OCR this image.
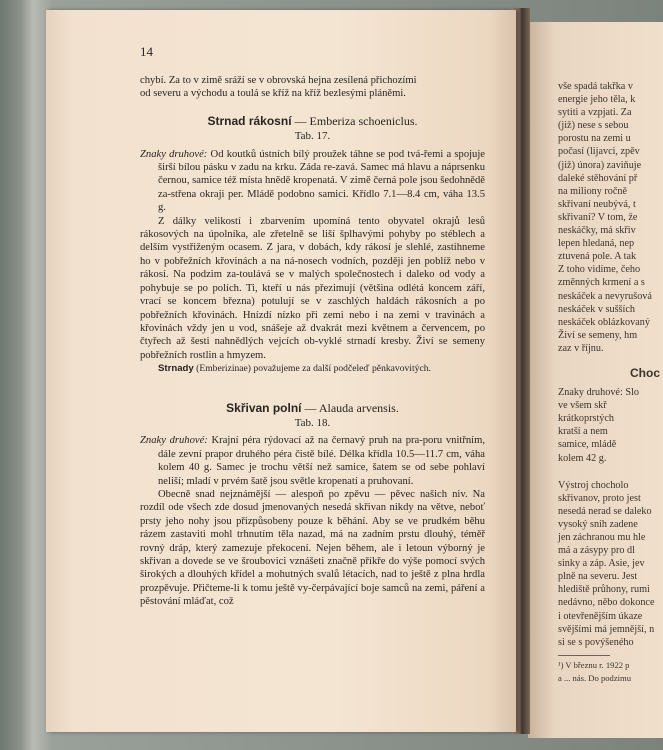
vše spadá takřka v
energie jeho těla, k
sytiti a vzpjati. Za
(již) nese s sebou
porostu na zemi u
počasí (lijavci, zpěv
(již) února) zaviňuje
daleké stěhování př
na miliony ročně
skřivaní neubývá, t
skřivaní? V tom, že
neskáčky, má skřiv
lepen hledaná, nep
ztuvená pole. A tak
Z toho vidíme, čeho
změnných krmení a s
neskáček a nevyrušová
neskáček v sušších
neskáček oblázkovaný
Živí se semeny, hm
zaz v říjnu.
Choc
Znaky druhové: Slo
ve všem skř
krátkoprstých
kratší a nem
samice, mládě
kolem 42 g.
Výstroj chocholo
skřivanov, proto jest
nesedá nerad se daleko
vysoký sníh zadene
jen záchranou mu hle
má a zásypy pro dl
sinky a záp. Asie, jev
plně na severu. Jest
hlediště průhony, rumi
nedávno, něbo dokonce
i otevřenějším úkaze
svějšími má jemnější, n
si se s povýšeného
¹) V březnu r. 1922 p
a ... nás. Do podzimu
14

chybí. Za to v zimě sráží se v obrovská hejna zesílená přichozími

od severu a východu a toulá se kříž na kříž bezlesými pláněmi.

Strnad rákosní — Emberiza schoeniclus.
Tab. 17.

Znaky druhové: Od koutků ústních bílý proužek táhne se pod tvá-řemi a spojuje širší bílou pásku v zadu na krku. Záda re-zavá. Samec má hlavu a náprsenku černou, samice též místa hnědě kropenatá. V zimě černá pole jsou šedohnědě za-střena okraji per. Mládě podobno samici. Křídlo 7.1—8.4 cm, váha 13.5 g.

Z dálky velikostí i zbarvením upomíná tento obyvatel okrajů lesů rákosových na úpolníka, ale zřetelně se liší šplhavými pohyby po stéblech a delším vystřiženým ocasem. Z jara, v dobách, kdy rákosí je slehlé, zastihneme ho v pobřežních křovinách a na ná-nosech vodních, později jen poblíž nebo v rákosí. Na podzim za-toulává se v malých společnostech i daleko od vody a pohybuje se po polích. Ti, kteří u nás přezimují (většina odlétá koncem září, vrací se koncem března) potulují se v zaschlých haldách rákosních a po pobřežních křovinách. Hnízdí nízko při zemi nebo i na zemi v travinách a křovinách vždy jen u vod, snášeje až dvakrát mezi květnem a červencem, po čtyřech až šesti nahnědlých vejcích ob-vyklé strnadí kresby. Živí se semeny pobřežních rostlin a hmyzem.

Strnady (Emberizinae) považujeme za další podčeleď pěnkavovitých.

Skřivan polní — Alauda arvensis.
Tab. 18.

Znaky druhové: Krajní péra rýdovací až na černavý pruh na pra-poru vnitřním, dále zevní prapor druhého péra čistě bílé. Délka křídla 10.5—11.7 cm, váha kolem 40 g. Samec je trochu větší než samice, šatem se od sebe pohlaví neliší; mladí v prvém šatě jsou světle kropenatí a pruhovaní.

Obecně snad nejznámější — alespoň po zpěvu — pěvec našich niv. Na rozdíl ode všech zde dosud jmenovaných nesedá skřivan nikdy na větve, neboť prsty jeho nohy jsou přizpůsobeny pouze k běhání. Aby se ve prudkém běhu rázem zastaviti mohl trhnutím těla nazad, má na zadním prstu dlouhý, téměř rovný dráp, který zamezuje překocení. Nejen během, ale i letoun výborný je skřivan a dovede se ve šroubovici vznášeti značně příkře do výše pomocí svých širokých a dlouhých křídel a mohutných svalů létacích, nad to ještě z plna hrdla prozpěvuje. Přičteme-li k tomu ještě vy-čerpávající boje samců na zemi, páření a pěstování mláďat, což
